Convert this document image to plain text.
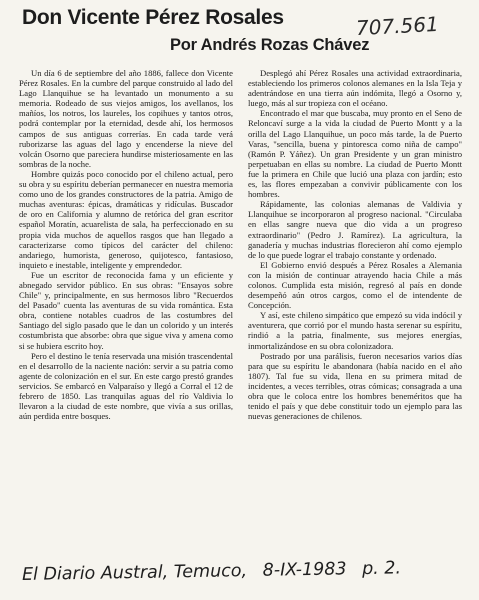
Don Vicente Pérez Rosales
Por Andrés Rozas Chávez
707.561

Un día 6 de septiembre del año 1886, fallece don Vicente Pérez Rosales. En la cumbre del parque construido al lado del Lago Llanquihue se ha levantado un monumento a su memoria. Rodeado de sus viejos amigos, los avellanos, los mañíos, los notros, los laureles, los copihues y tantos otros, podrá contemplar por la eternidad, desde ahí, los hermosos campos de sus antiguas correrías. En cada tarde verá ruborizarse las aguas del lago y encenderse la nieve del volcán Osorno que pareciera hundirse misteriosamente en las sombras de la noche.

Hombre quizás poco conocido por el chileno actual, pero su obra y su espíritu deberían permanecer en nuestra memoria como uno de los grandes constructores de la patria. Amigo de muchas aventuras: épicas, dramáticas y ridículas. Buscador de oro en California y alumno de retórica del gran escritor español Moratín, acuarelista de sala, ha perfeccionado en su propia vida muchos de aquellos rasgos que han llegado a caracterizarse como típicos del carácter del chileno: andariego, humorista, generoso, quijotesco, fantasioso, inquieto e inestable, inteligente y emprendedor.

Fue un escritor de reconocida fama y un eficiente y abnegado servidor público. En sus obras: "Ensayos sobre Chile" y, principalmente, en sus hermosos libro "Recuerdos del Pasado" cuenta las aventuras de su vida romántica. Esta obra, contiene notables cuadros de las costumbres del Santiago del siglo pasado que le dan un colorido y un interés costumbrista que absorbe: obra que sigue viva y amena como si se hubiera escrito hoy.

Pero el destino le tenía reservada una misión trascendental en el desarrollo de la naciente nación: servir a su patria como agente de colonización en el sur. En este cargo prestó grandes servicios. Se embarcó en Valparaíso y llegó a Corral el 12 de febrero de 1850. Las tranquilas aguas del río Valdivia lo llevaron a la ciudad de este nombre, que vivía a sus orillas, aún perdida entre bosques.

Desplegó ahí Pérez Rosales una actividad extraordinaria, estableciendo los primeros colonos alemanes en la Isla Teja y adentrándose en una tierra aún indómita, llegó a Osorno y, luego, más al sur tropieza con el océano.

Encontrado el mar que buscaba, muy pronto en el Seno de Reloncaví surge a la vida la ciudad de Puerto Montt y a la orilla del Lago Llanquihue, un poco más tarde, la de Puerto Varas, "sencilla, buena y pintoresca como niña de campo" (Ramón P. Yáñez). Un gran Presidente y un gran ministro perpetuaban en ellas su nombre. La ciudad de Puerto Montt fue la primera en Chile que lució una plaza con jardín; esto es, las flores empezaban a convivir públicamente con los hombres.

Rápidamente, las colonias alemanas de Valdivia y Llanquihue se incorporaron al progreso nacional. "Circulaba en ellas sangre nueva que dio vida a un progreso extraordinario" (Pedro J. Ramírez). La agricultura, la ganadería y muchas industrias florecieron ahí como ejemplo de lo que puede lograr el trabajo constante y ordenado.

El Gobierno envió después a Pérez Rosales a Alemania con la misión de continuar atrayendo hacia Chile a más colonos. Cumplida esta misión, regresó al país en donde desempeñó aún otros cargos, como el de intendente de Concepción.

Y así, este chileno simpático que empezó su vida indócil y aventurera, que corrió por el mundo hasta serenar su espíritu, rindió a la patria, finalmente, sus mejores energías, inmortalizándose en su obra colonizadora.

Postrado por una parálisis, fueron necesarios varios días para que su espíritu le abandonara (había nacido en el año 1807). Tal fue su vida, llena en su primera mitad de incidentes, a veces terribles, otras cómicas; consagrada a una obra que le coloca entre los hombres beneméritos que ha tenido el país y que debe constituir todo un ejemplo para las nuevas generaciones de chilenos.

El Diario Austral, Temuco, 8-IX-1983 p. 2.
